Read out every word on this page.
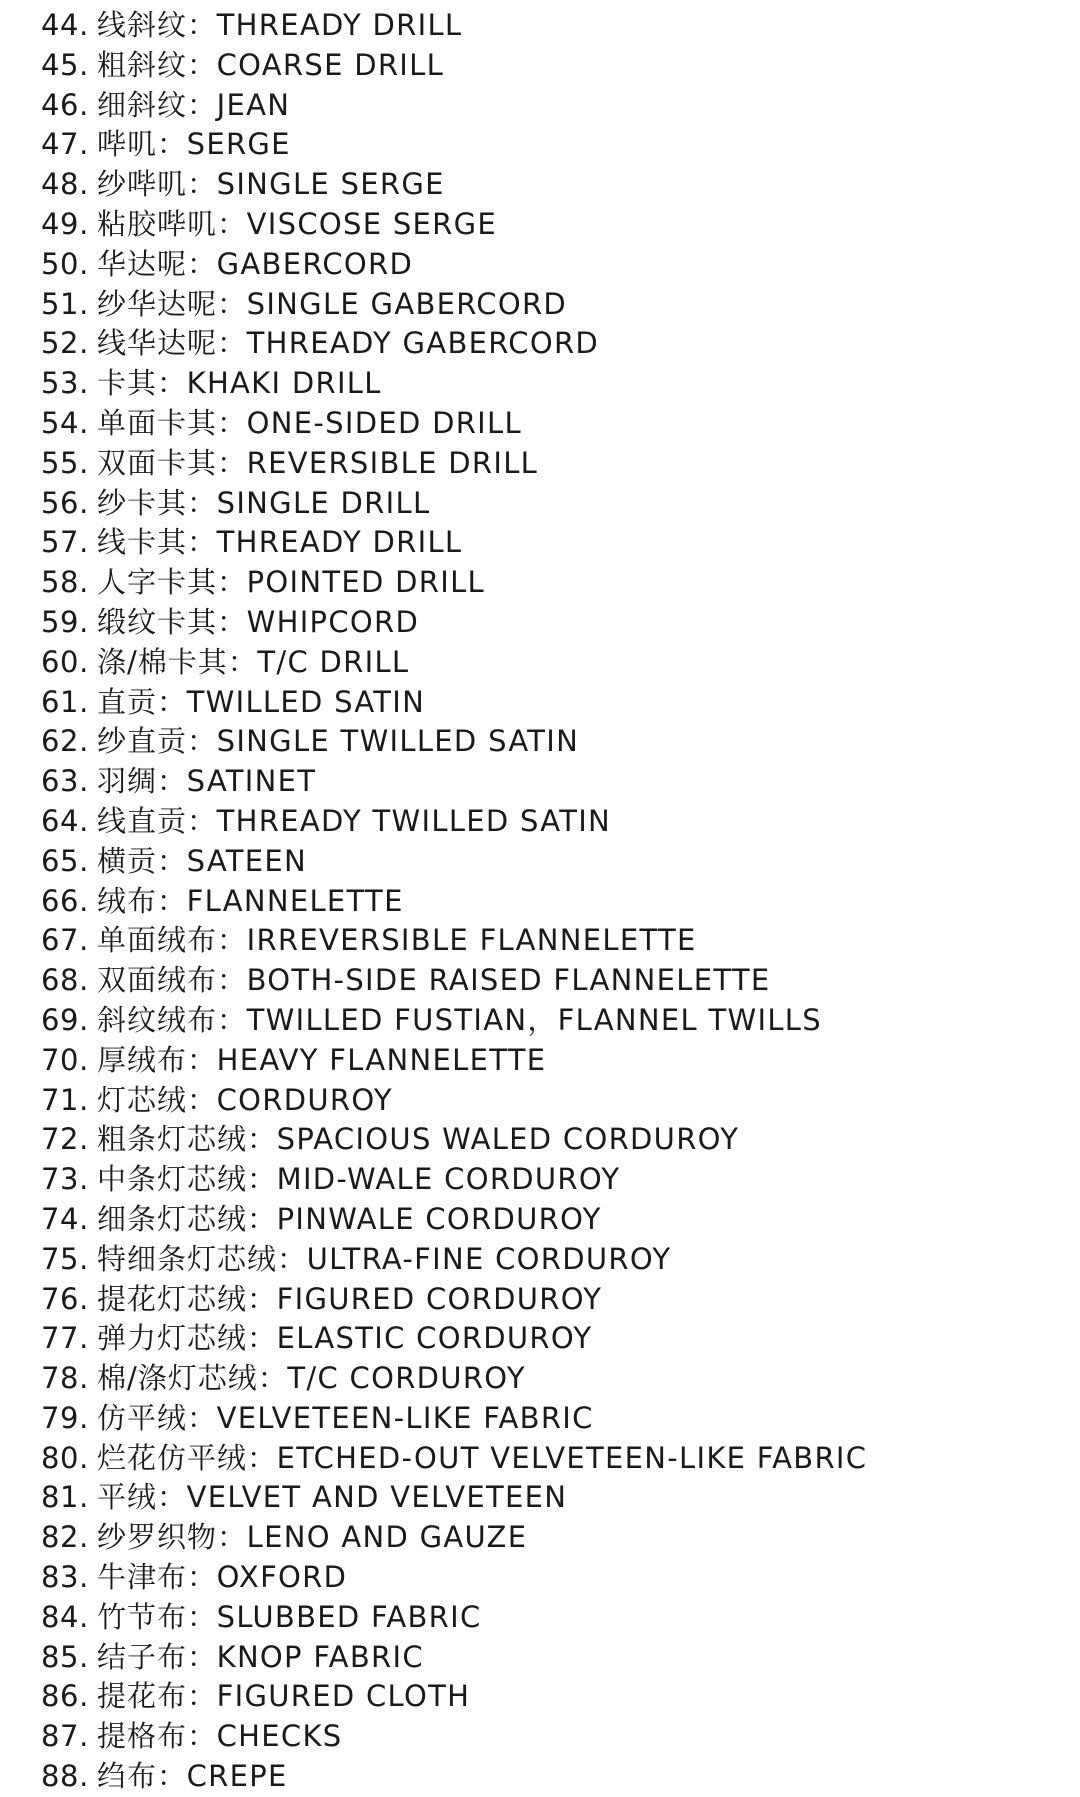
44. 线斜纹：THREADY DRILL
45. 粗斜纹：COARSE DRILL
46. 细斜纹：JEAN
47. 哔叽：SERGE
48. 纱哔叽：SINGLE SERGE
49. 粘胶哔叽：VISCOSE SERGE
50. 华达呢：GABERCORD
51. 纱华达呢：SINGLE GABERCORD
52. 线华达呢：THREADY GABERCORD
53. 卡其：KHAKI DRILL
54. 单面卡其：ONE-SIDED DRILL
55. 双面卡其：REVERSIBLE DRILL
56. 纱卡其：SINGLE DRILL
57. 线卡其：THREADY DRILL
58. 人字卡其：POINTED DRILL
59. 缎纹卡其：WHIPCORD
60. 涤/棉卡其：T/C DRILL
61. 直贡：TWILLED SATIN
62. 纱直贡：SINGLE TWILLED SATIN
63. 羽绸：SATINET
64. 线直贡：THREADY TWILLED SATIN
65. 横贡：SATEEN
66. 绒布：FLANNELETTE
67. 单面绒布：IRREVERSIBLE FLANNELETTE
68. 双面绒布：BOTH-SIDE RAISED FLANNELETTE
69. 斜纹绒布：TWILLED FUSTIAN，FLANNEL TWILLS
70. 厚绒布：HEAVY FLANNELETTE
71. 灯芯绒：CORDUROY
72. 粗条灯芯绒：SPACIOUS WALED CORDUROY
73. 中条灯芯绒：MID-WALE CORDUROY
74. 细条灯芯绒：PINWALE CORDUROY
75. 特细条灯芯绒：ULTRA-FINE CORDUROY
76. 提花灯芯绒：FIGURED CORDUROY
77. 弹力灯芯绒：ELASTIC CORDUROY
78. 棉/涤灯芯绒：T/C CORDUROY
79. 仿平绒：VELVETEEN-LIKE FABRIC
80. 烂花仿平绒：ETCHED-OUT VELVETEEN-LIKE FABRIC
81. 平绒：VELVET AND VELVETEEN
82. 纱罗织物：LENO AND GAUZE
83. 牛津布：OXFORD
84. 竹节布：SLUBBED FABRIC
85. 结子布：KNOP FABRIC
86. 提花布：FIGURED CLOTH
87. 提格布：CHECKS
88. 绉布：CREPE
